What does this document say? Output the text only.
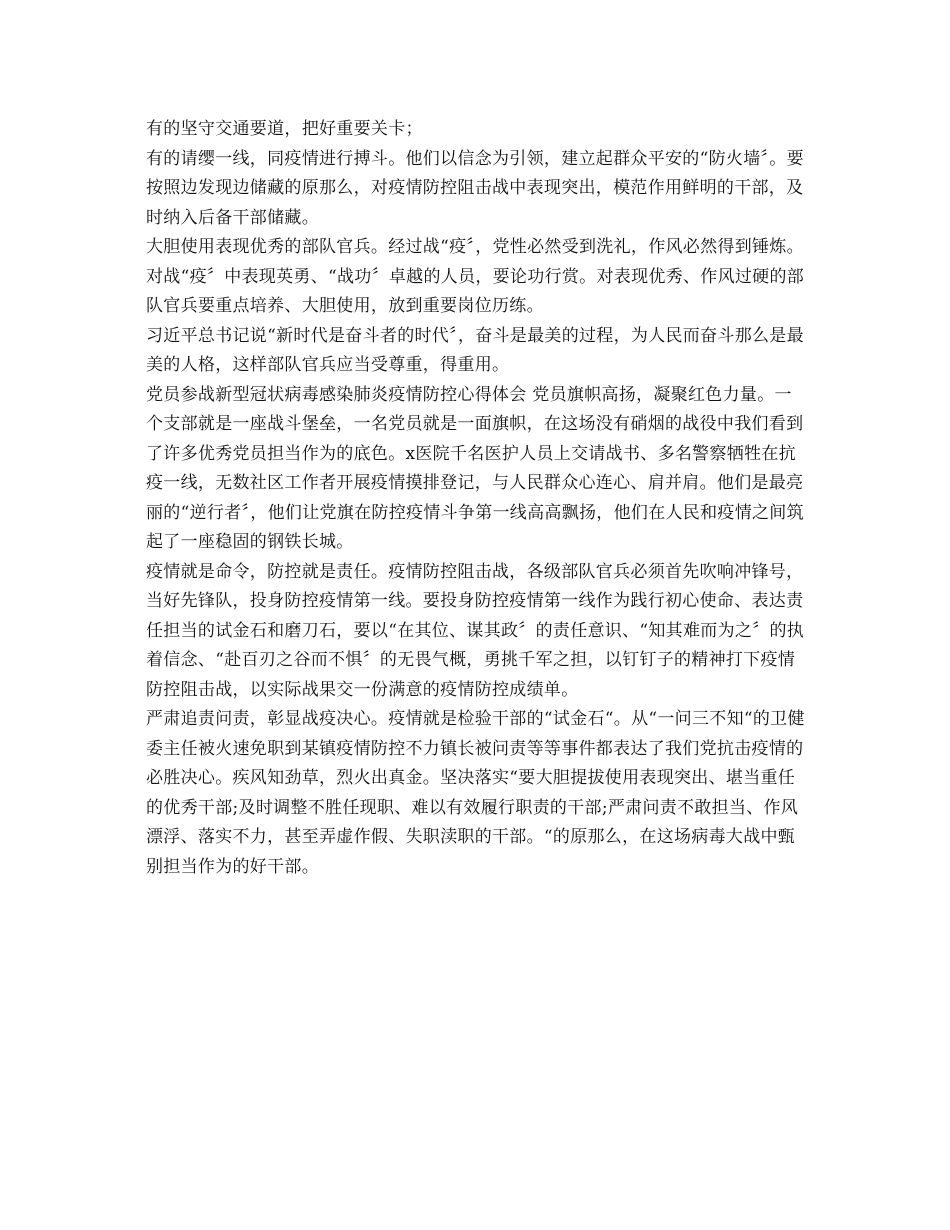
有的坚守交通要道，把好重要关卡；

有的请缨一线，同疫情进行搏斗。他们以信念为引领，建立起群众平安的“防火墙〞。要按照边发现边储藏的原那么，对疫情防控阻击战中表现突出，模范作用鲜明的干部，及时纳入后备干部储藏。

大胆使用表现优秀的部队官兵。经过战“疫〞，党性必然受到洗礼，作风必然得到锤炼。对战“疫〞中表现英勇、“战功〞卓越的人员，要论功行赏。对表现优秀、作风过硬的部队官兵要重点培养、大胆使用，放到重要岗位历练。

习近平总书记说“新时代是奋斗者的时代〞，奋斗是最美的过程，为人民而奋斗那么是最美的人格，这样部队官兵应当受尊重，得重用。

党员参战新型冠状病毒感染肺炎疫情防控心得体会 党员旗帜高扬，凝聚红色力量。一个支部就是一座战斗堡垒，一名党员就是一面旗帜，在这场没有硝烟的战役中我们看到了许多优秀党员担当作为的底色。x医院千名医护人员上交请战书、多名警察牺牲在抗疫一线，无数社区工作者开展疫情摸排登记，与人民群众心连心、肩并肩。他们是最亮丽的“逆行者〞，他们让党旗在防控疫情斗争第一线高高飘扬，他们在人民和疫情之间筑起了一座稳固的钢铁长城。

疫情就是命令，防控就是责任。疫情防控阻击战，各级部队官兵必须首先吹响冲锋号，当好先锋队，投身防控疫情第一线。要投身防控疫情第一线作为践行初心使命、表达责任担当的试金石和磨刀石，要以“在其位、谋其政〞的责任意识、“知其难而为之〞的执着信念、“赴百刃之谷而不惧〞的无畏气概，勇挑千军之担，以钉钉子的精神打下疫情防控阻击战，以实际战果交一份满意的疫情防控成绩单。

严肃追责问责，彰显战疫决心。疫情就是检验干部的“试金石“。从“一问三不知“的卫健委主任被火速免职到某镇疫情防控不力镇长被问责等等事件都表达了我们党抗击疫情的必胜决心。疾风知劲草，烈火出真金。坚决落实“要大胆提拔使用表现突出、堪当重任的优秀干部;及时调整不胜任现职、难以有效履行职责的干部;严肃问责不敢担当、作风漂浮、落实不力，甚至弄虚作假、失职渎职的干部。“的原那么，在这场病毒大战中甄别担当作为的好干部。
